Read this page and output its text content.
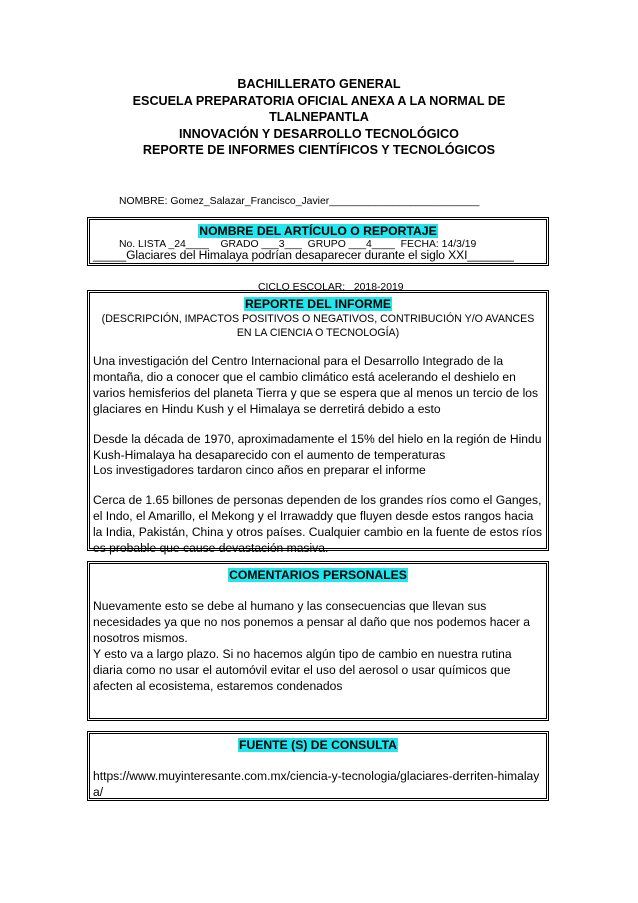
BACHILLERATO GENERAL
ESCUELA PREPARATORIA OFICIAL ANEXA A LA NORMAL DE
TLALNEPANTLA
INNOVACIÓN Y DESARROLLO TECNOLÓGICO
REPORTE DE INFORMES CIENTÍFICOS Y TECNOLÓGICOS

NOMBRE: Gomez_Salazar_Francisco_Javier__________________________

No. LISTA _24____    GRADO ___3___  GRUPO ___4____  FECHA: 14/3/19

CICLO ESCOLAR: _2018-2019_

NOMBRE DEL ARTÍCULO O REPORTAJE
_____Glaciares del Himalaya podrían desaparecer durante el siglo XXI_______
REPORTE DEL INFORME
(DESCRIPCIÓN, IMPACTOS POSITIVOS O NEGATIVOS, CONTRIBUCIÓN Y/O AVANCES EN LA CIENCIA O TECNOLOGÍA)

Una investigación del Centro Internacional para el Desarrollo Integrado de la montaña, dio a conocer que el cambio climático está acelerando el deshielo en varios hemisferios del planeta Tierra y que se espera que al menos un tercio de los glaciares en Hindu Kush y el Himalaya se derretirá debido a esto

Desde la década de 1970, aproximadamente el 15% del hielo en la región de Hindu Kush-Himalaya ha desaparecido con el aumento de temperaturas
Los investigadores tardaron cinco años en preparar el informe

Cerca de 1.65 billones de personas dependen de los grandes ríos como el Ganges, el Indo, el Amarillo, el Mekong y el Irrawaddy que fluyen desde estos rangos hacia la India, Pakistán, China y otros países. Cualquier cambio en la fuente de estos ríos es probable que cause devastación masiva.

COMENTARIOS PERSONALES

Nuevamente esto se debe al humano y las consecuencias que llevan sus necesidades ya que no nos ponemos a pensar al daño que nos podemos hacer a nosotros mismos.
Y esto va a largo plazo. Si no hacemos algún tipo de cambio en nuestra rutina diaria como no usar el automóvil evitar el uso del aerosol o usar químicos que afecten al ecosistema, estaremos condenados

FUENTE (S) DE CONSULTA
https://www.muyinteresante.com.mx/ciencia-y-tecnologia/glaciares-derriten-himalaya/
